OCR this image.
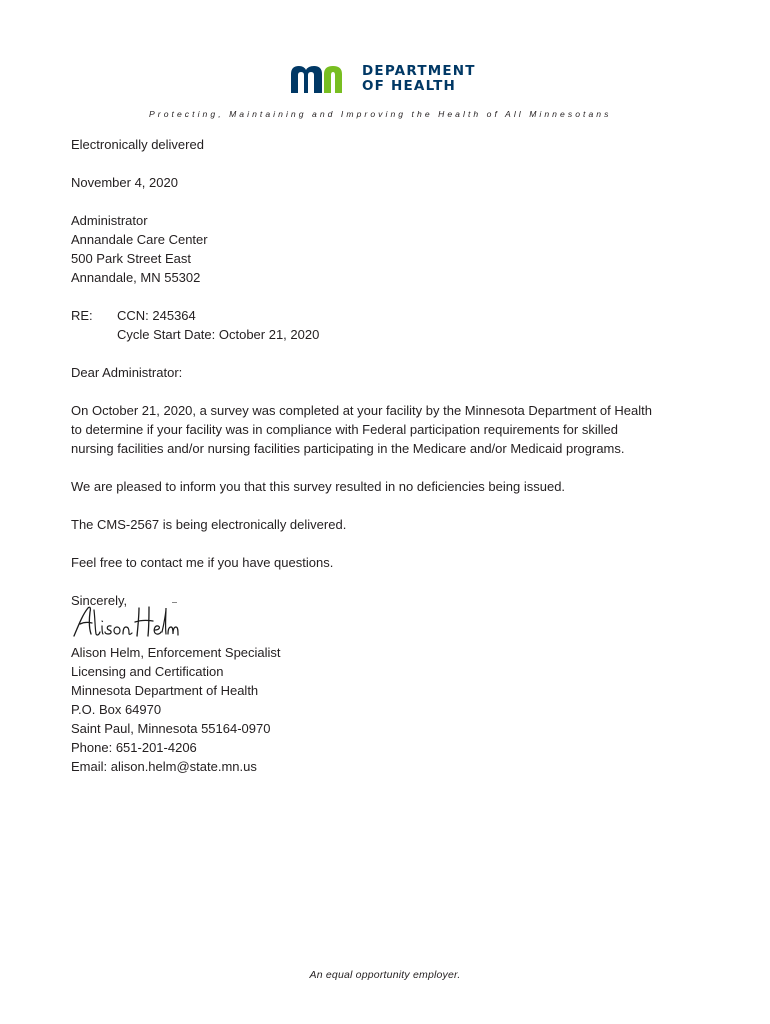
DEPARTMENT
OF HEALTH
Protecting, Maintaining and Improving the Health of All Minnesotans

Electronically delivered

November 4, 2020

Administrator
Annandale Care Center
500 Park Street East
Annandale, MN 55302

RE:	CCN: 245364
Cycle Start Date: October 21, 2020

Dear Administrator:

On October 21, 2020, a survey was completed at your facility by the Minnesota Department of Health
to determine if your facility was in compliance with Federal participation requirements for skilled
nursing facilities and/or nursing facilities participating in the Medicare and/or Medicaid programs.

We are pleased to inform you that this survey resulted in no deficiencies being issued.

The CMS-2567 is being electronically delivered.

Feel free to contact me if you have questions.

Sincerely,

Alison Helm, Enforcement Specialist
Licensing and Certification
Minnesota Department of Health
P.O. Box 64970
Saint Paul, Minnesota 55164-0970
Phone: 651-201-4206
Email: alison.helm@state.mn.us

An equal opportunity employer.
